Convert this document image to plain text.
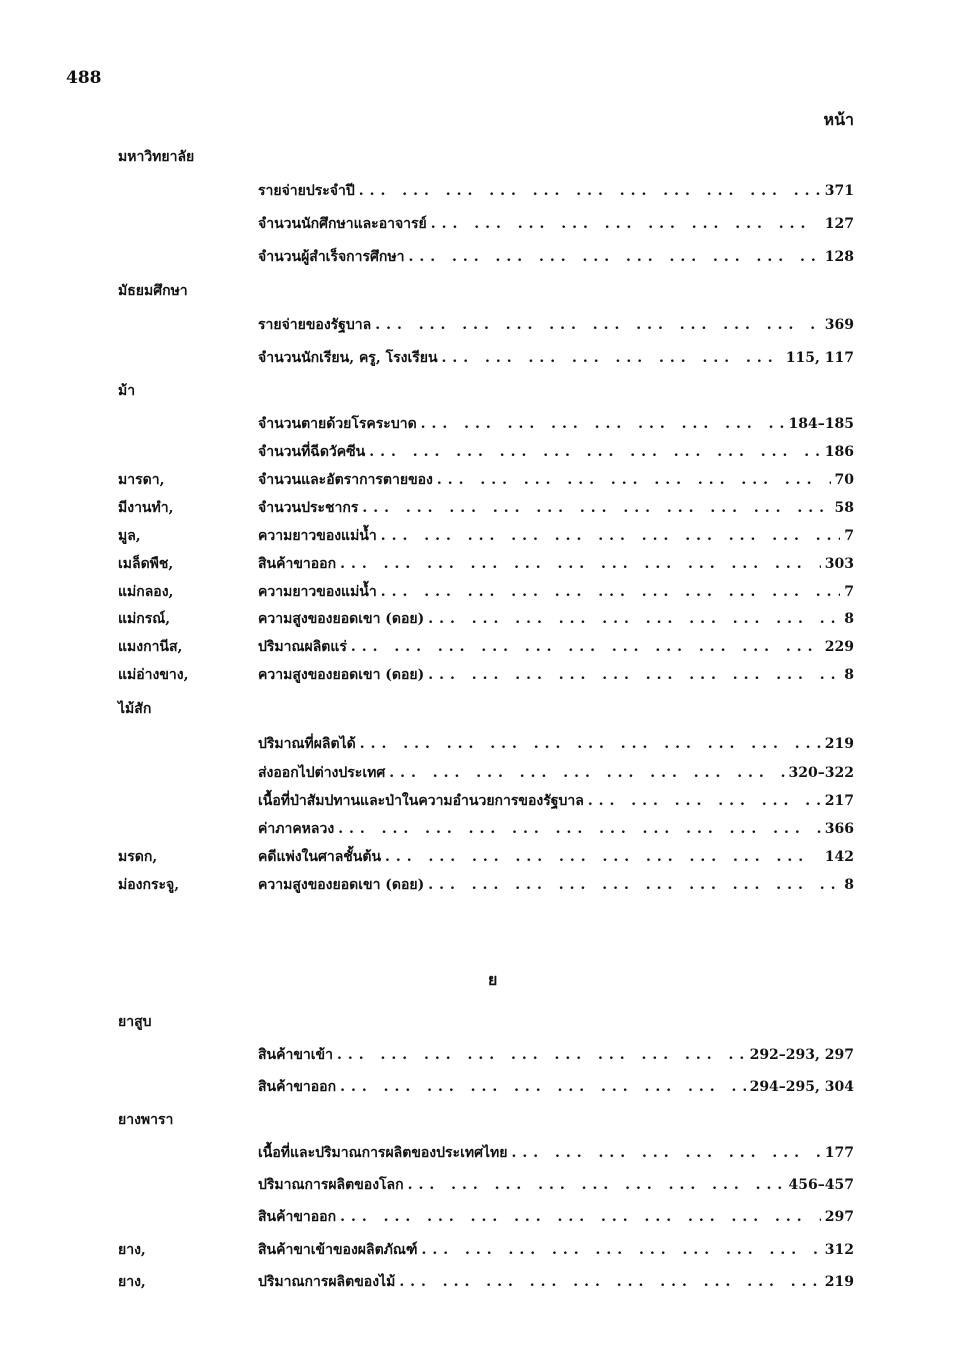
488
หน้า
มหาวิทยาลัย
รายจ่ายประจำปี ... .	371
จำนวนนักศึกษาและอาจารย์ ... .	127
จำนวนผู้สำเร็จการศึกษา ... .	128
มัธยมศึกษา
รายจ่ายของรัฐบาล ... .	369
จำนวนนักเรียน, ครู, โรงเรียน ... .	115, 117
ม้า
จำนวนตายด้วยโรคระบาด ... .	184–185
จำนวนที่ฉีดวัคซีน ... .	186
มารดา,	จำนวนและอัตราการตายของ ... .	70
มีงานทำ,	จำนวนประชากร ... .	58
มูล,	ความยาวของแม่น้ำ ... .	7
เมล็ดพืช,	สินค้าขาออก ... .	303
แม่กลอง,	ความยาวของแม่น้ำ ... .	7
แม่กรณ์,	ความสูงของยอดเขา (ดอย) ... .	8
แมงกานีส,	ปริมาณผลิตแร่ ... .	229
แม่อ่างขาง,	ความสูงของยอดเขา (ดอย) ... .	8
ไม้สัก
ปริมาณที่ผลิตได้ ... .	219
ส่งออกไปต่างประเทศ ... .	320–322
เนื้อที่ป่าสัมปทานและป่าในความอำนวยการของรัฐบาล ... .	217
ค่าภาคหลวง ... .	366
มรดก,	คดีแพ่งในศาลชั้นต้น ... .	142
ม่องกระจู,	ความสูงของยอดเขา (ดอย) ... .	8
ย
ยาสูบ
สินค้าขาเข้า ... .	292–293, 297
สินค้าขาออก ... .	294–295, 304
ยางพารา
เนื้อที่และปริมาณการผลิตของประเทศไทย ... .	177
ปริมาณการผลิตของโลก ... .	456–457
สินค้าขาออก ... .	297
ยาง,	สินค้าขาเข้าของผลิตภัณฑ์ ... .	312
ยาง,	ปริมาณการผลิตของไม้ ... .	219
